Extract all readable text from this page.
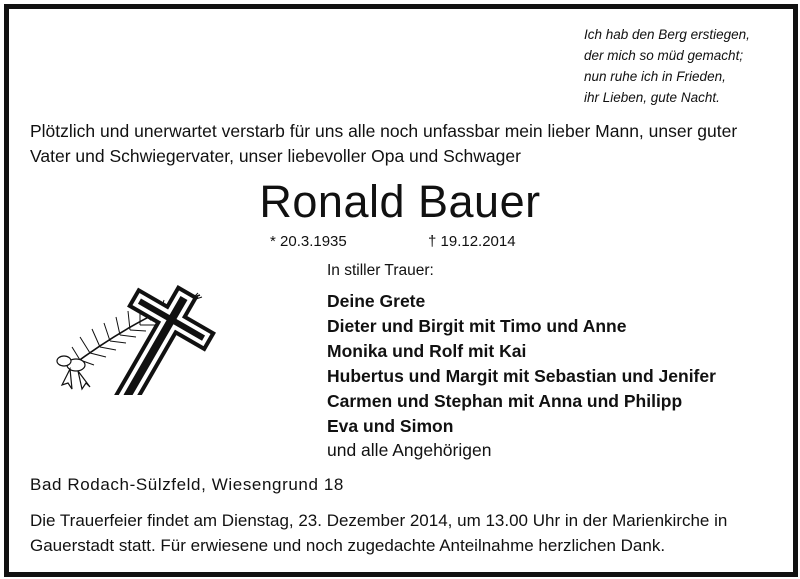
Ich hab den Berg erstiegen,
der mich so müd gemacht;
nun ruhe ich in Frieden,
ihr Lieben, gute Nacht.
Plötzlich und unerwartet verstarb für uns alle noch unfassbar mein lieber Mann, unser guter Vater und Schwiegervater, unser liebevoller Opa und Schwager
Ronald Bauer
* 20.3.1935	† 19.12.2014
In stiller Trauer:
Deine Grete
Dieter und Birgit mit Timo und Anne
Monika und Rolf mit Kai
Hubertus und Margit mit Sebastian und Jenifer
Carmen und Stephan mit Anna und Philipp
Eva und Simon
und alle Angehörigen
Bad Rodach-Sülzfeld, Wiesengrund 18
Die Trauerfeier findet am Dienstag, 23. Dezember 2014, um 13.00 Uhr in der Marienkirche in Gauerstadt statt. Für erwiesene und noch zugedachte Anteilnahme herzlichen Dank.
